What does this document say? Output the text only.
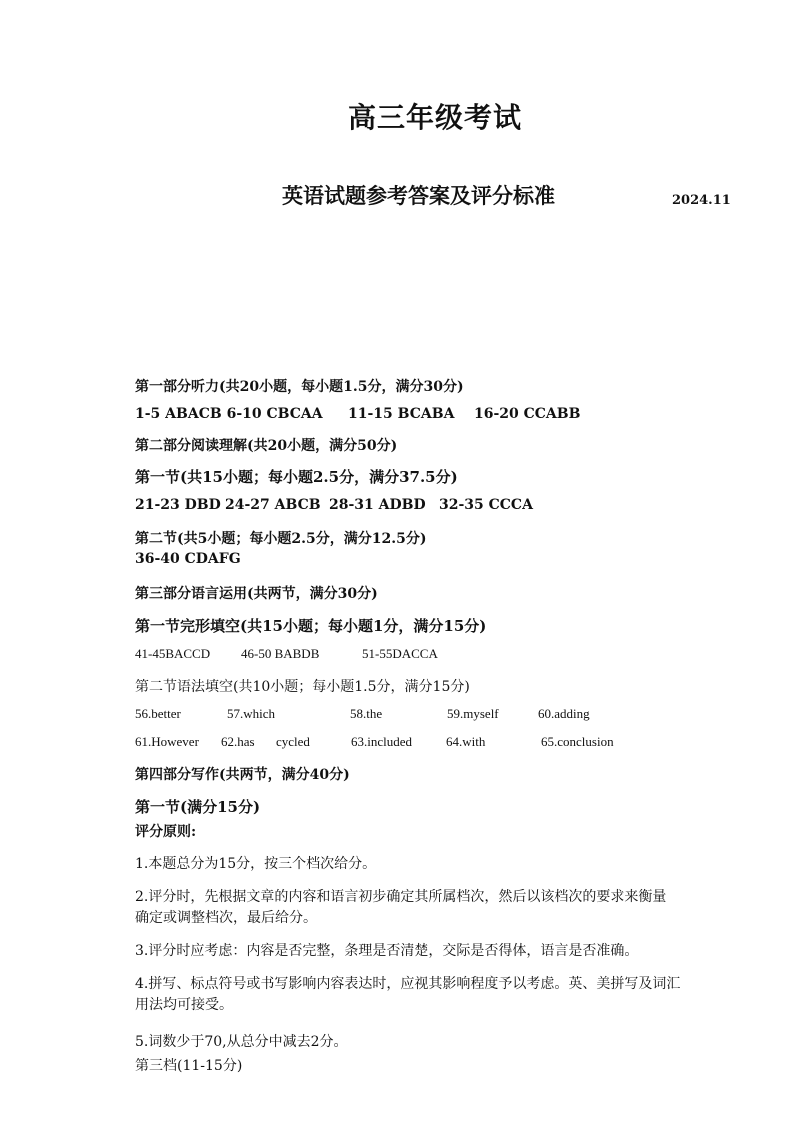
高三年级考试
英语试题参考答案及评分标准	2024.11
第一部分听力(共20小题，每小题1.5分，满分30分)
1-5 ABACB 6-10 CBCAA 11-15 BCABA 16-20 CCABB
第二部分阅读理解(共20小题，满分50分)
第一节(共15小题；每小题2.5分，满分37.5分)
21-23 DBD 24-27 ABCB 28-31 ADBD 32-35 CCCA
第二节(共5小题；每小题2.5分，满分12.5分)
36-40 CDAFG
第三部分语言运用(共两节，满分30分)
第一节完形填空(共15小题；每小题1分，满分15分)
41-45BACCD 46-50 BABDB	51-55DACCA
第二节语法填空(共10小题；每小题1.5分，满分15分)
56.better	57.which	58.the	59.myself	60.adding
61.However 62.has cycled	63.included	64.with	65.conclusion
第四部分写作(共两节，满分40分)
第一节(满分15分)
评分原则:
1.本题总分为15分，按三个档次给分。
2.评分时，先根据文章的内容和语言初步确定其所属档次，然后以该档次的要求来衡量
确定或调整档次，最后给分。
3.评分时应考虑：内容是否完整，条理是否清楚，交际是否得体，语言是否准确。
4.拼写、标点符号或书写影响内容表达时，应视其影响程度予以考虑。英、美拼写及词汇
用法均可接受。
5.词数少于70,从总分中减去2分。
第三档(11-15分)
